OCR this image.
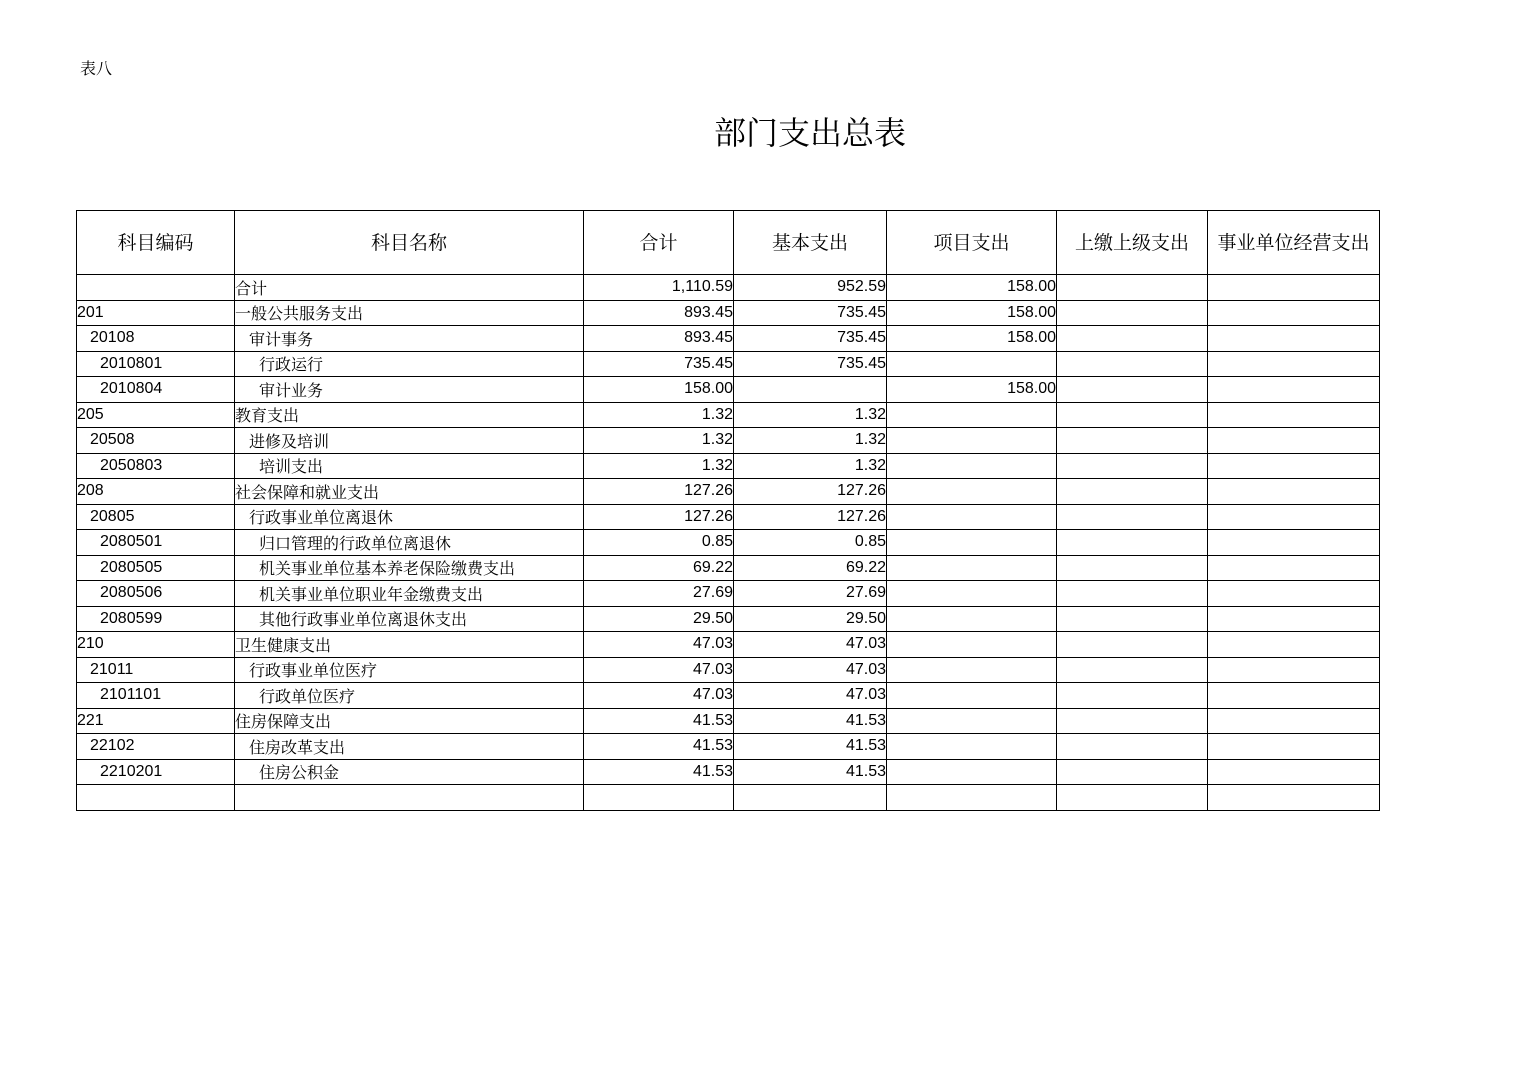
表八
部门支出总表
科目编码	科目名称	合计	基本支出	项目支出	上缴上级支出	事业单位经营支出
	合计	1,110.59	952.59	158.00		
201	一般公共服务支出	893.45	735.45	158.00		
20108	审计事务	893.45	735.45	158.00		
2010801	行政运行	735.45	735.45			
2010804	审计业务	158.00		158.00		
205	教育支出	1.32	1.32			
20508	进修及培训	1.32	1.32			
2050803	培训支出	1.32	1.32			
208	社会保障和就业支出	127.26	127.26			
20805	行政事业单位离退休	127.26	127.26			
2080501	归口管理的行政单位离退休	0.85	0.85			
2080505	机关事业单位基本养老保险缴费支出	69.22	69.22			
2080506	机关事业单位职业年金缴费支出	27.69	27.69			
2080599	其他行政事业单位离退休支出	29.50	29.50			
210	卫生健康支出	47.03	47.03			
21011	行政事业单位医疗	47.03	47.03			
2101101	行政单位医疗	47.03	47.03			
221	住房保障支出	41.53	41.53			
22102	住房改革支出	41.53	41.53			
2210201	住房公积金	41.53	41.53			
